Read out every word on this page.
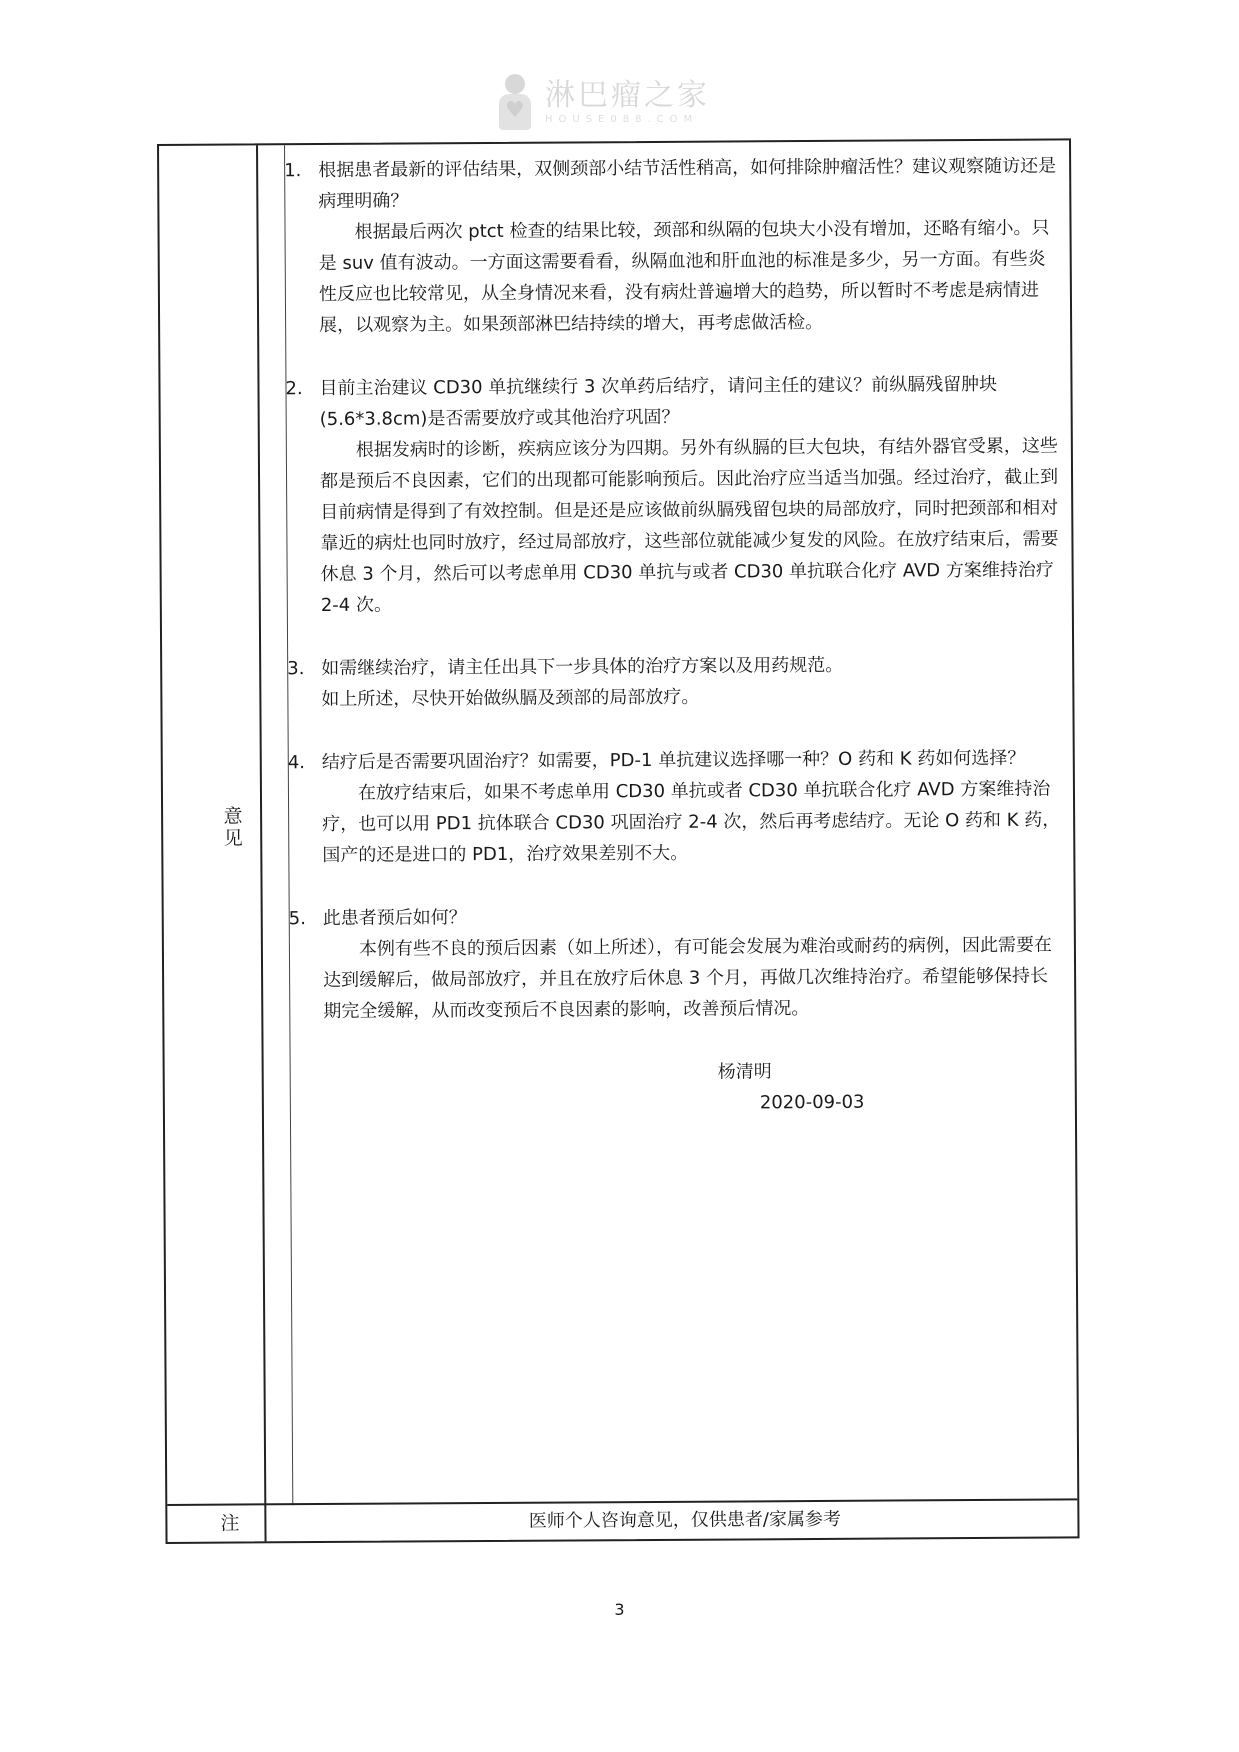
♥ 淋巴瘤之家
HOUSE088.COM
意见
1. 根据患者最新的评估结果，双侧颈部小结节活性稍高，如何排除肿瘤活性？建议观察随访还是病理明确？
根据最后两次 ptct 检查的结果比较，颈部和纵隔的包块大小没有增加，还略有缩小。只是 suv 值有波动。一方面这需要看看，纵隔血池和肝血池的标准是多少，另一方面。有些炎性反应也比较常见，从全身情况来看，没有病灶普遍增大的趋势，所以暂时不考虑是病情进展，以观察为主。如果颈部淋巴结持续的增大，再考虑做活检。
2. 目前主治建议 CD30 单抗继续行 3 次单药后结疗，请问主任的建议？前纵膈残留肿块(5.6*3.8cm)是否需要放疗或其他治疗巩固？
根据发病时的诊断，疾病应该分为四期。另外有纵膈的巨大包块，有结外器官受累，这些都是预后不良因素，它们的出现都可能影响预后。因此治疗应当适当加强。经过治疗，截止到目前病情是得到了有效控制。但是还是应该做前纵膈残留包块的局部放疗，同时把颈部和相对靠近的病灶也同时放疗，经过局部放疗，这些部位就能减少复发的风险。在放疗结束后，需要休息 3 个月，然后可以考虑单用 CD30 单抗与或者 CD30 单抗联合化疗 AVD 方案维持治疗 2-4 次。
3. 如需继续治疗，请主任出具下一步具体的治疗方案以及用药规范。
如上所述，尽快开始做纵膈及颈部的局部放疗。
4. 结疗后是否需要巩固治疗？如需要，PD-1 单抗建议选择哪一种？O 药和 K 药如何选择？
在放疗结束后，如果不考虑单用 CD30 单抗或者 CD30 单抗联合化疗 AVD 方案维持治疗，也可以用 PD1 抗体联合 CD30 巩固治疗 2-4 次，然后再考虑结疗。无论 O 药和 K 药，国产的还是进口的 PD1，治疗效果差别不大。
5. 此患者预后如何？
本例有些不良的预后因素（如上所述），有可能会发展为难治或耐药的病例，因此需要在达到缓解后，做局部放疗，并且在放疗后休息 3 个月，再做几次维持治疗。希望能够保持长期完全缓解，从而改变预后不良因素的影响，改善预后情况。
杨清明
2020-09-03
注	医师个人咨询意见，仅供患者/家属参考
3
